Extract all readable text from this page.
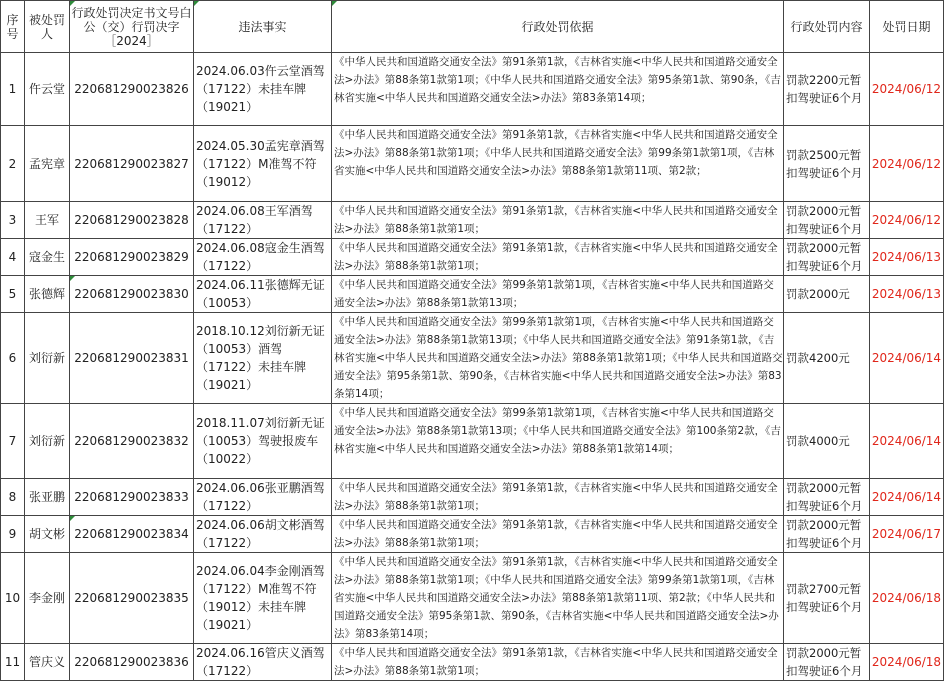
序号	被处罚人	行政处罚决定书文号白公（交）行罚决字［2024］	违法事实	行政处罚依据	行政处罚内容	处罚日期
1	仵云堂	220681290023826	2024.06.03仵云堂酒驾（17122）未挂车牌（19021）	《中华人民共和国道路交通安全法》第91条第1款，《吉林省实施<中华人民共和国道路交通安全法>办法》第88条第1款第1项；《中华人民共和国道路交通安全法》第95条第1款、第90条，《吉林省实施<中华人民共和国道路交通安全法>办法》第83条第14项；	罚款2200元暂扣驾驶证6个月	2024/06/12
2	孟宪章	220681290023827	2024.05.30孟宪章酒驾（17122）M准驾不符（19012）	《中华人民共和国道路交通安全法》第91条第1款，《吉林省实施<中华人民共和国道路交通安全法>办法》第88条第1款第1项；《中华人民共和国道路交通安全法》第99条第1款第1项，《吉林省实施<中华人民共和国道路交通安全法>办法》第88条第1款第11项、第2款；	罚款2500元暂扣驾驶证6个月	2024/06/12
3	王军	220681290023828	2024.06.08王军酒驾（17122）	《中华人民共和国道路交通安全法》第91条第1款，《吉林省实施<中华人民共和国道路交通安全法>办法》第88条第1款第1项；	罚款2000元暂扣驾驶证6个月	2024/06/12
4	寇金生	220681290023829	2024.06.08寇金生酒驾（17122）	《中华人民共和国道路交通安全法》第91条第1款，《吉林省实施<中华人民共和国道路交通安全法>办法》第88条第1款第1项；	罚款2000元暂扣驾驶证6个月	2024/06/13
5	张德辉	220681290023830	2024.06.11张德辉无证（10053）	《中华人民共和国道路交通安全法》第99条第1款第1项，《吉林省实施<中华人民共和国道路交通安全法>办法》第88条第1款第13项；	罚款2000元	2024/06/13
6	刘衍新	220681290023831	2018.10.12刘衍新无证（10053）酒驾（17122）未挂车牌（19021）	《中华人民共和国道路交通安全法》第99条第1款第1项，《吉林省实施<中华人民共和国道路交通安全法>办法》第88条第1款第13项；《中华人民共和国道路交通安全法》第91条第1款，《吉林省实施<中华人民共和国道路交通安全法>办法》第88条第1款第1项；《中华人民共和国道路交通安全法》第95条第1款、第90条，《吉林省实施<中华人民共和国道路交通安全法>办法》第83条第14项；	罚款4200元	2024/06/14
7	刘衍新	220681290023832	2018.11.07刘衍新无证（10053）驾驶报废车（10022）	《中华人民共和国道路交通安全法》第99条第1款第1项，《吉林省实施<中华人民共和国道路交通安全法>办法》第88条第1款第13项；《中华人民共和国道路交通安全法》第100条第2款，《吉林省实施<中华人民共和国道路交通安全法>办法》第88条第1款第14项；	罚款4000元	2024/06/14
8	张亚鹏	220681290023833	2024.06.06张亚鹏酒驾（17122）	《中华人民共和国道路交通安全法》第91条第1款，《吉林省实施<中华人民共和国道路交通安全法>办法》第88条第1款第1项；	罚款2000元暂扣驾驶证6个月	2024/06/14
9	胡文彬	220681290023834	2024.06.06胡文彬酒驾（17122）	《中华人民共和国道路交通安全法》第91条第1款，《吉林省实施<中华人民共和国道路交通安全法>办法》第88条第1款第1项；	罚款2000元暂扣驾驶证6个月	2024/06/17
10	李金刚	220681290023835	2024.06.04李金刚酒驾（17122）M准驾不符（19012）未挂车牌（19021）	《中华人民共和国道路交通安全法》第91条第1款，《吉林省实施<中华人民共和国道路交通安全法>办法》第88条第1款第1项；《中华人民共和国道路交通安全法》第99条第1款第1项，《吉林省实施<中华人民共和国道路交通安全法>办法》第88条第1款第11项、第2款；《中华人民共和国道路交通安全法》第95条第1款、第90条，《吉林省实施<中华人民共和国道路交通安全法>办法》第83条第14项；	罚款2700元暂扣驾驶证6个月	2024/06/18
11	管庆义	220681290023836	2024.06.16管庆义酒驾（17122）	《中华人民共和国道路交通安全法》第91条第1款，《吉林省实施<中华人民共和国道路交通安全法>办法》第88条第1款第1项；	罚款2000元暂扣驾驶证6个月	2024/06/18
